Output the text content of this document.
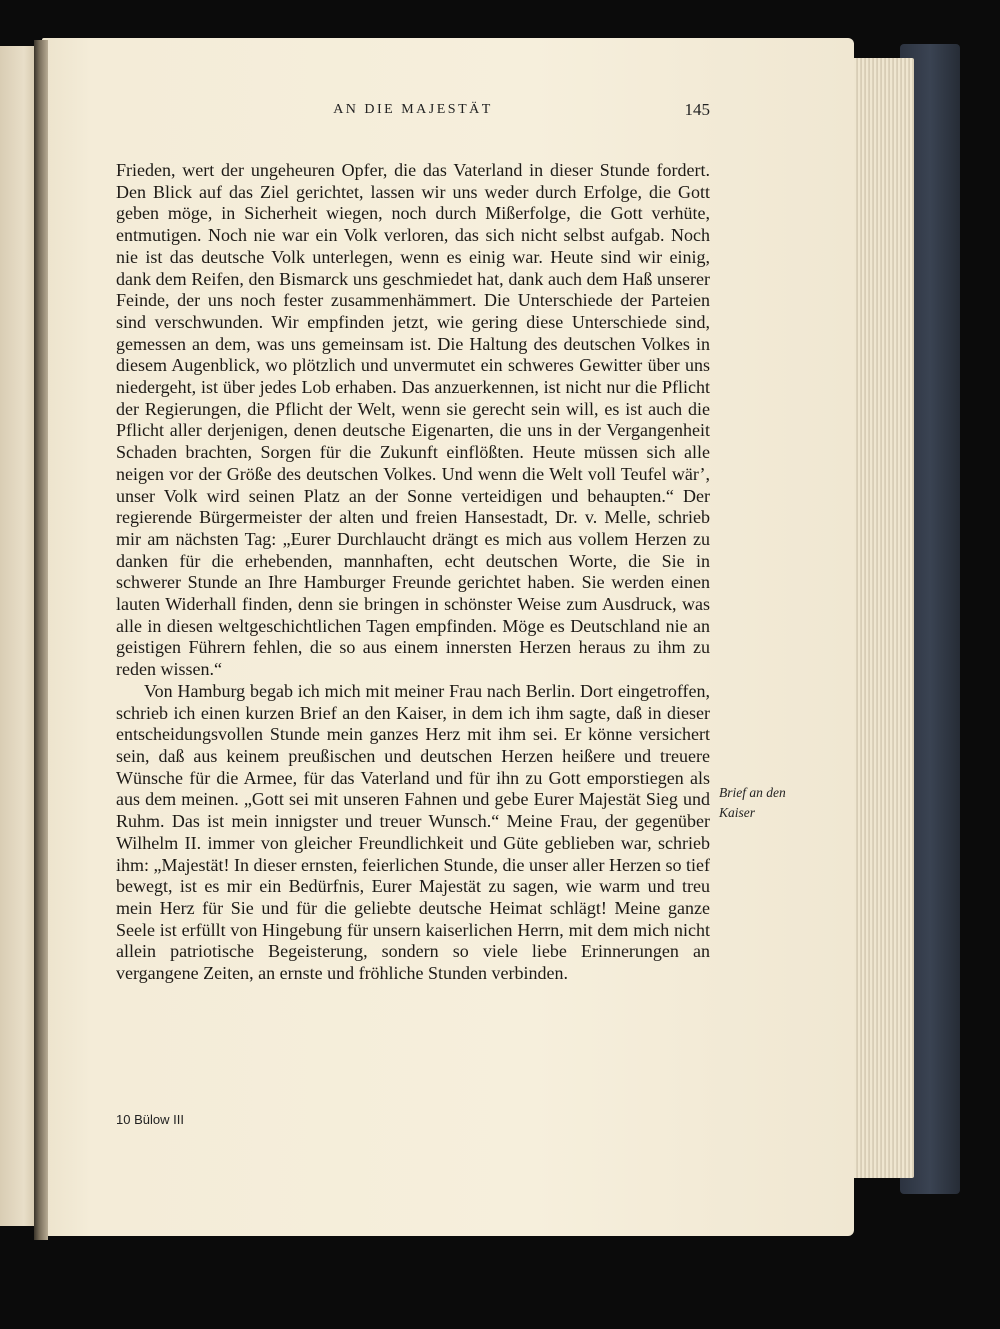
AN DIE MAJESTÄT	145

Frieden, wert der ungeheuren Opfer, die das Vaterland in dieser Stunde fordert. Den Blick auf das Ziel gerichtet, lassen wir uns weder durch Erfolge, die Gott geben möge, in Sicherheit wiegen, noch durch Mißerfolge, die Gott verhüte, entmutigen. Noch nie war ein Volk verloren, das sich nicht selbst aufgab. Noch nie ist das deutsche Volk unterlegen, wenn es einig war. Heute sind wir einig, dank dem Reifen, den Bismarck uns geschmiedet hat, dank auch dem Haß unserer Feinde, der uns noch fester zusammenhämmert. Die Unterschiede der Parteien sind verschwunden. Wir empfinden jetzt, wie gering diese Unterschiede sind, gemessen an dem, was uns gemeinsam ist. Die Haltung des deutschen Volkes in diesem Augenblick, wo plötzlich und unvermutet ein schweres Gewitter über uns niedergeht, ist über jedes Lob erhaben. Das anzuerkennen, ist nicht nur die Pflicht der Regierungen, die Pflicht der Welt, wenn sie gerecht sein will, es ist auch die Pflicht aller derjenigen, denen deutsche Eigenarten, die uns in der Vergangenheit Schaden brachten, Sorgen für die Zukunft einflößten. Heute müssen sich alle neigen vor der Größe des deutschen Volkes. Und wenn die Welt voll Teufel wär’, unser Volk wird seinen Platz an der Sonne verteidigen und behaupten.“ Der regierende Bürgermeister der alten und freien Hansestadt, Dr. v. Melle, schrieb mir am nächsten Tag: „Eurer Durchlaucht drängt es mich aus vollem Herzen zu danken für die erhebenden, mannhaften, echt deutschen Worte, die Sie in schwerer Stunde an Ihre Hamburger Freunde gerichtet haben. Sie werden einen lauten Widerhall finden, denn sie bringen in schönster Weise zum Ausdruck, was alle in diesen weltgeschichtlichen Tagen empfinden. Möge es Deutschland nie an geistigen Führern fehlen, die so aus einem innersten Herzen heraus zu ihm zu reden wissen.“

Von Hamburg begab ich mich mit meiner Frau nach Berlin. Dort eingetroffen, schrieb ich einen kurzen Brief an den Kaiser, in dem ich ihm sagte, daß in dieser entscheidungsvollen Stunde mein ganzes Herz mit ihm sei. Er könne versichert sein, daß aus keinem preußischen und deutschen Herzen heißere und treuere Wünsche für die Armee, für das Vaterland und für ihn zu Gott emporstiegen als aus dem meinen. „Gott sei mit unseren Fahnen und gebe Eurer Majestät Sieg und Ruhm. Das ist mein innigster und treuer Wunsch.“ Meine Frau, der gegenüber Wilhelm II. immer von gleicher Freundlichkeit und Güte geblieben war, schrieb ihm: „Majestät! In dieser ernsten, feierlichen Stunde, die unser aller Herzen so tief bewegt, ist es mir ein Bedürfnis, Eurer Majestät zu sagen, wie warm und treu mein Herz für Sie und für die geliebte deutsche Heimat schlägt! Meine ganze Seele ist erfüllt von Hingebung für unsern kaiserlichen Herrn, mit dem mich nicht allein patriotische Begeisterung, sondern so viele liebe Erinnerungen an vergangene Zeiten, an ernste und fröhliche Stunden verbinden.

Brief an den
Kaiser
10 Bülow III
